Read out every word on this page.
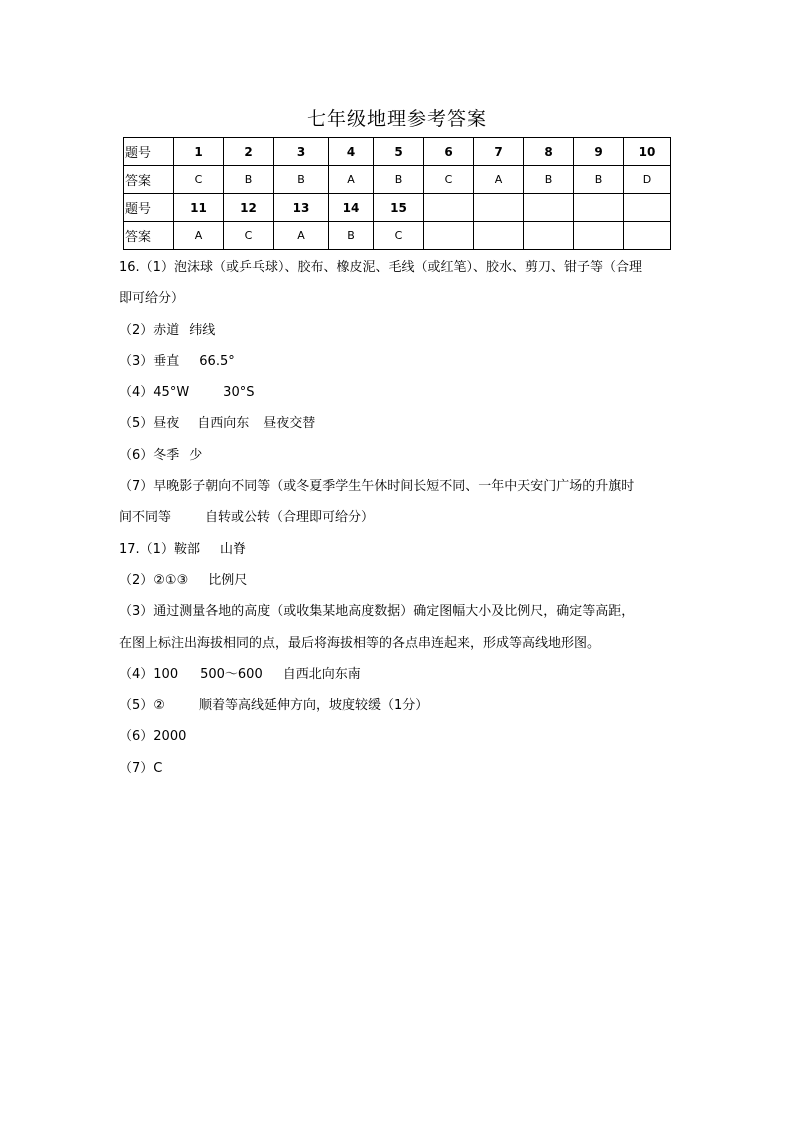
七年级地理参考答案
题号	1	2	3	4	5	6	7	8	9	10
答案	C	B	B	A	B	C	A	B	B	D
题号	11	12	13	14	15					
答案	A	C	A	B	C					
16.（1）泡沫球（或乒乓球）、胶布、橡皮泥、毛线（或红笔）、胶水、剪刀、钳子等（合理
即可给分）
（2）赤道 纬线
（3）垂直 66.5°
（4）45°W	30°S
（5）昼夜 自西向东 昼夜交替
（6）冬季 少
（7）早晚影子朝向不同等（或冬夏季学生午休时间长短不同、一年中天安门广场的升旗时
间不同等	自转或公转（合理即可给分）
17.（1）鞍部 山脊
（2）②①③ 比例尺
（3）通过测量各地的高度（或收集某地高度数据）确定图幅大小及比例尺，确定等高距，
在图上标注出海拔相同的点，最后将海拔相等的各点串连起来，形成等高线地形图。
（4）100 500～600 自西北向东南
（5）②	顺着等高线延伸方向，坡度较缓（1分）
（6）2000
（7）C
